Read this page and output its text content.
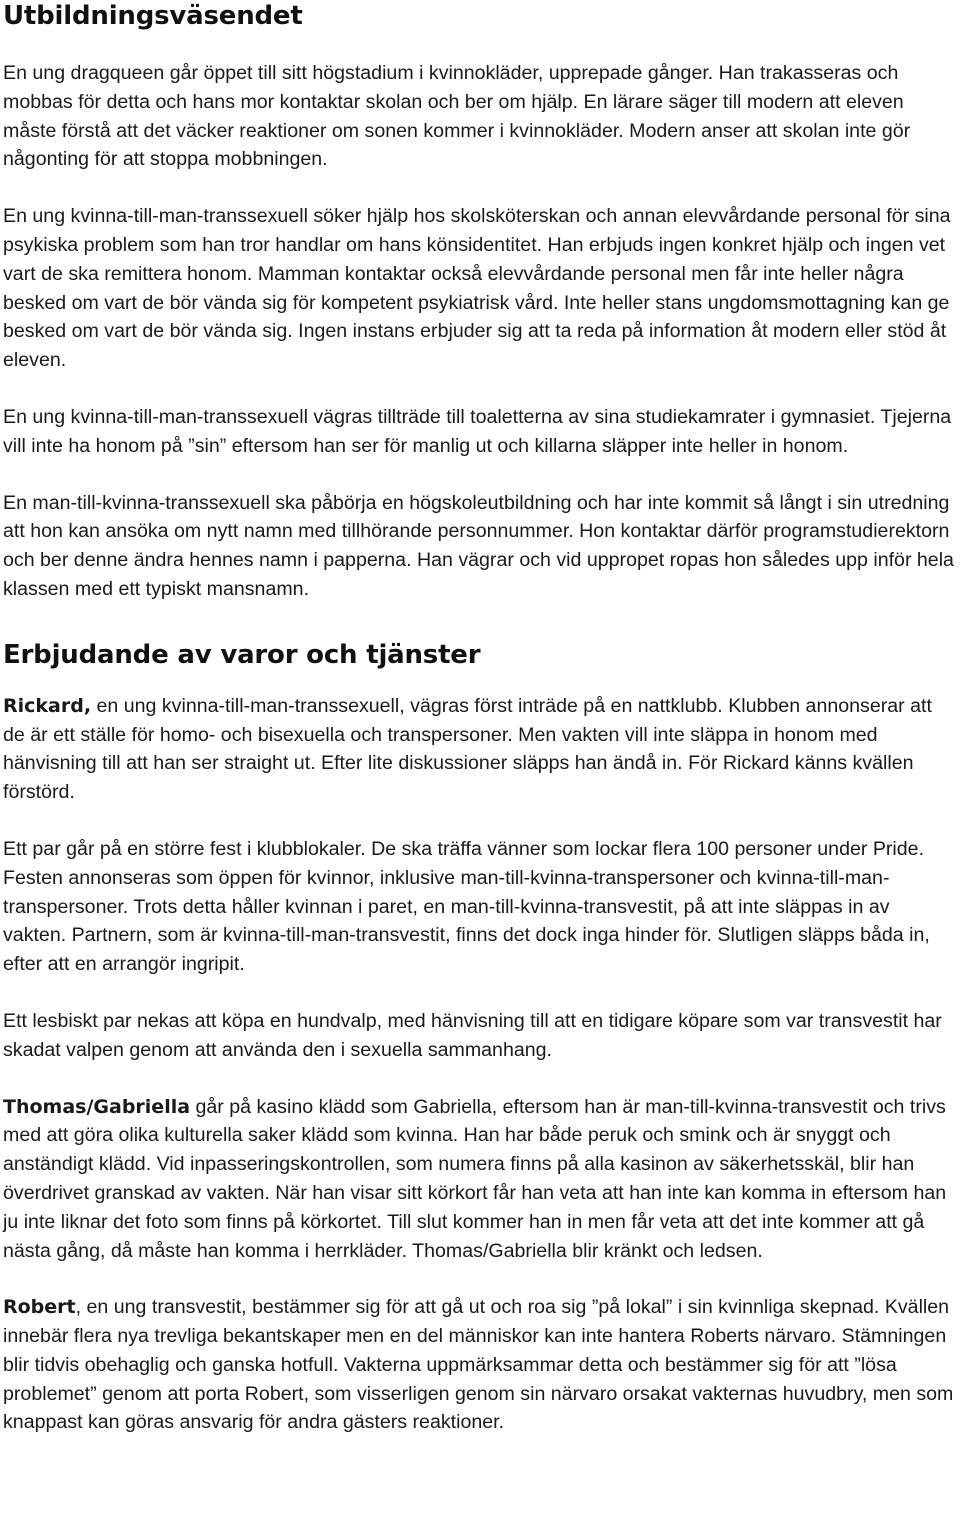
Utbildningsväsendet

En ung dragqueen går öppet till sitt högstadium i kvinnokläder, upprepade gånger. Han trakasseras och mobbas för detta och hans mor kontaktar skolan och ber om hjälp. En lärare säger till modern att eleven måste förstå att det väcker reaktioner om sonen kommer i kvinnokläder. Modern anser att skolan inte gör någonting för att stoppa mobbningen.

En ung kvinna-till-man-transsexuell söker hjälp hos skolsköterskan och annan elevvårdande personal för sina psykiska problem som han tror handlar om hans könsidentitet. Han erbjuds ingen konkret hjälp och ingen vet vart de ska remittera honom. Mamman kontaktar också elevvårdande personal men får inte heller några besked om vart de bör vända sig för kompetent psykiatrisk vård. Inte heller stans ungdomsmottagning kan ge besked om vart de bör vända sig. Ingen instans erbjuder sig att ta reda på information åt modern eller stöd åt eleven.

En ung kvinna-till-man-transsexuell vägras tillträde till toaletterna av sina studiekamrater i gymnasiet. Tjejerna vill inte ha honom på ”sin” eftersom han ser för manlig ut och killarna släpper inte heller in honom.

En man-till-kvinna-transsexuell ska påbörja en högskoleutbildning och har inte kommit så långt i sin utredning att hon kan ansöka om nytt namn med tillhörande personnummer. Hon kontaktar därför programstudierektorn och ber denne ändra hennes namn i papperna. Han vägrar och vid uppropet ropas hon således upp inför hela klassen med ett typiskt mansnamn.

Erbjudande av varor och tjänster

Rickard, en ung kvinna-till-man-transsexuell, vägras först inträde på en nattklubb. Klubben annonserar att de är ett ställe för homo- och bisexuella och transpersoner. Men vakten vill inte släppa in honom med hänvisning till att han ser straight ut. Efter lite diskussioner släpps han ändå in. För Rickard känns kvällen förstörd.

Ett par går på en större fest i klubblokaler. De ska träffa vänner som lockar flera 100 personer under Pride. Festen annonseras som öppen för kvinnor, inklusive man-till-kvinna-transpersoner och kvinna-till-man-transpersoner. Trots detta håller kvinnan i paret, en man-till-kvinna-transvestit, på att inte släppas in av vakten. Partnern, som är kvinna-till-man-transvestit, finns det dock inga hinder för. Slutligen släpps båda in, efter att en arrangör ingripit.

Ett lesbiskt par nekas att köpa en hundvalp, med hänvisning till att en tidigare köpare som var transvestit har skadat valpen genom att använda den i sexuella sammanhang.

Thomas/Gabriella går på kasino klädd som Gabriella, eftersom han är man-till-kvinna-transvestit och trivs med att göra olika kulturella saker klädd som kvinna. Han har både peruk och smink och är snyggt och anständigt klädd. Vid inpasseringskontrollen, som numera finns på alla kasinon av säkerhetsskäl, blir han överdrivet granskad av vakten. När han visar sitt körkort får han veta att han inte kan komma in eftersom han ju inte liknar det foto som finns på körkortet. Till slut kommer han in men får veta att det inte kommer att gå nästa gång, då måste han komma i herrkläder. Thomas/Gabriella blir kränkt och ledsen.

Robert, en ung transvestit, bestämmer sig för att gå ut och roa sig ”på lokal” i sin kvinnliga skepnad. Kvällen innebär flera nya trevliga bekantskaper men en del människor kan inte hantera Roberts närvaro. Stämningen blir tidvis obehaglig och ganska hotfull. Vakterna uppmärksammar detta och bestämmer sig för att ”lösa problemet” genom att porta Robert, som visserligen genom sin närvaro orsakat vakternas huvudbry, men som knappast kan göras ansvarig för andra gästers reaktioner.
